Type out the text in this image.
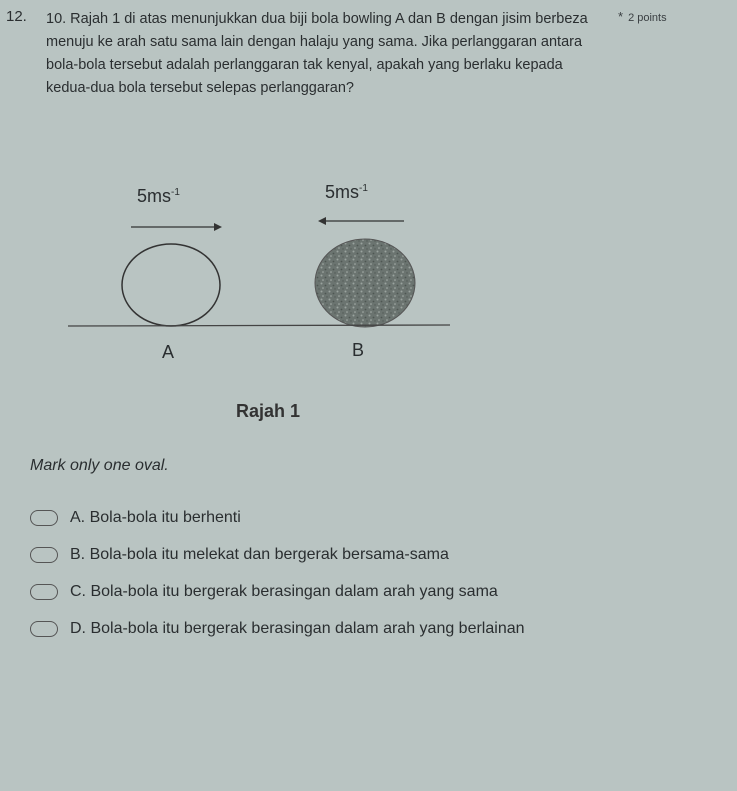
12. 10. Rajah 1 di atas menunjukkan dua biji bola bowling A dan B dengan jisim berbeza menuju ke arah satu sama lain dengan halaju yang sama. Jika perlanggaran antara bola-bola tersebut adalah perlanggaran tak kenyal, apakah yang berlaku kepada kedua-dua bola tersebut selepas perlanggaran?
* 2 points
$5ms^{-1}$	$5ms^{-1}$
A	B
Rajah 1
Mark only one oval.
A. Bola-bola itu berhenti
B. Bola-bola itu melekat dan bergerak bersama-sama
C. Bola-bola itu bergerak berasingan dalam arah yang sama
D. Bola-bola itu bergerak berasingan dalam arah yang berlainan
